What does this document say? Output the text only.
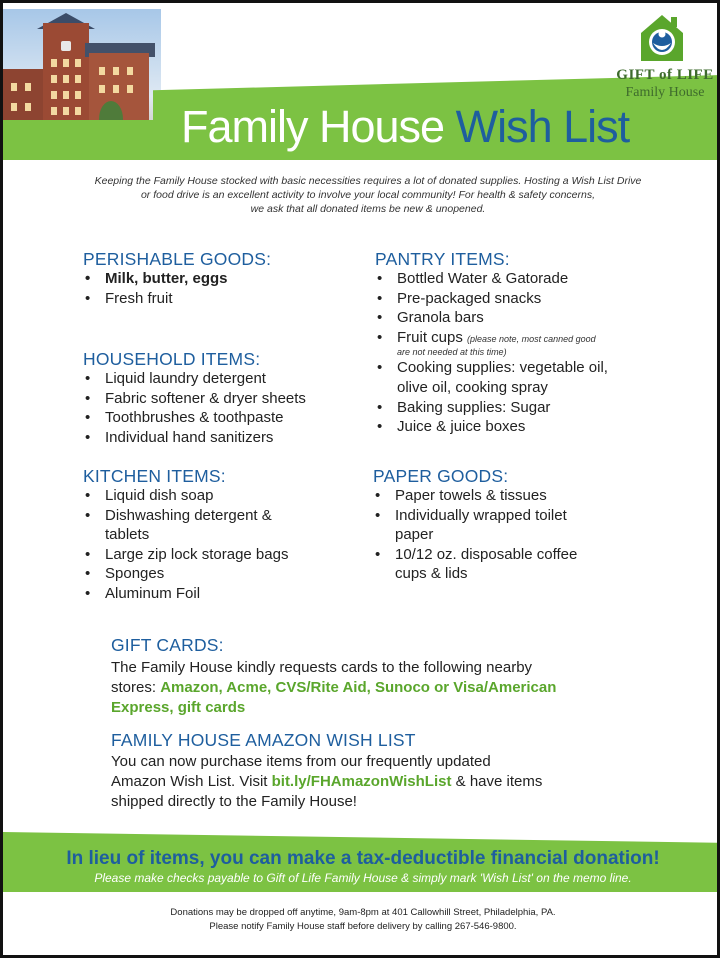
GIFT of LIFE
Family House
Family House Wish List
Keeping the Family House stocked with basic necessities requires a lot of donated supplies. Hosting a Wish List Drive
or food drive is an excellent activity to involve your local community! For health & safety concerns,
we ask that all donated items be new & unopened.
PERISHABLE GOODS:
• Milk, butter, eggs
• Fresh fruit
HOUSEHOLD ITEMS:
• Liquid laundry detergent
• Fabric softener & dryer sheets
• Toothbrushes & toothpaste
• Individual hand sanitizers
KITCHEN ITEMS:
• Liquid dish soap
• Dishwashing detergent &
tablets
• Large zip lock storage bags
• Sponges
• Aluminum Foil
PANTRY ITEMS:
• Bottled Water & Gatorade
• Pre-packaged snacks
• Granola bars
• Fruit cups (please note, most canned good
are not needed at this time)
• Cooking supplies: vegetable oil,
olive oil, cooking spray
• Baking supplies: Sugar
• Juice & juice boxes
PAPER GOODS:
• Paper towels & tissues
• Individually wrapped toilet
paper
• 10/12 oz. disposable coffee
cups & lids
GIFT CARDS:
The Family House kindly requests cards to the following nearby
stores: Amazon, Acme, CVS/Rite Aid, Sunoco or Visa/American
Express, gift cards
FAMILY HOUSE AMAZON WISH LIST
You can now purchase items from our frequently updated
Amazon Wish List. Visit bit.ly/FHAmazonWishList & have items
shipped directly to the Family House!
In lieu of items, you can make a tax-deductible financial donation!
Please make checks payable to Gift of Life Family House & simply mark 'Wish List' on the memo line.
Donations may be dropped off anytime, 9am-8pm at 401 Callowhill Street, Philadelphia, PA.
Please notify Family House staff before delivery by calling 267-546-9800.
